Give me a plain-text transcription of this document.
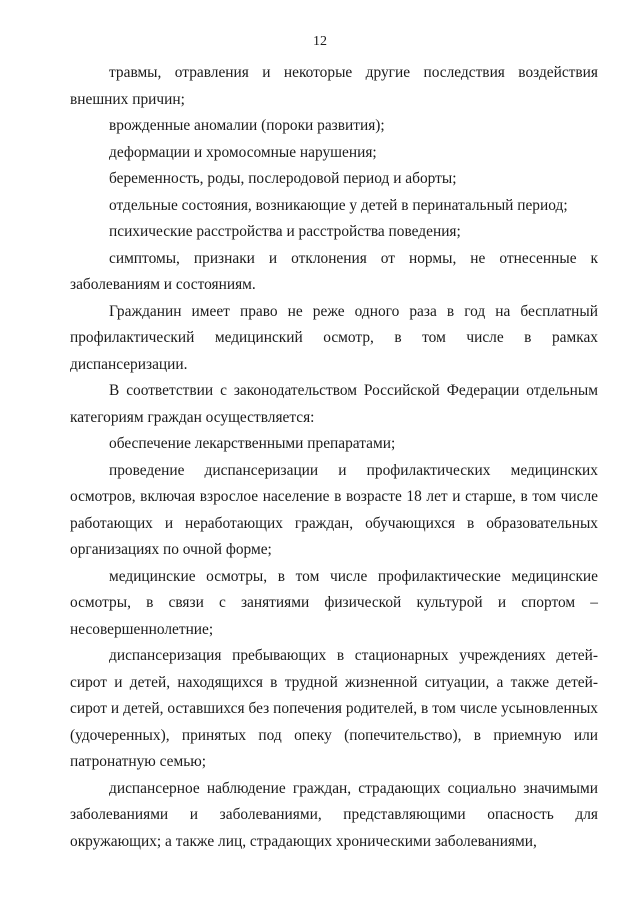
12

травмы, отравления и некоторые другие последствия воздействия внешних причин;

врожденные аномалии (пороки развития);

деформации и хромосомные нарушения;

беременность, роды, послеродовой период и аборты;

отдельные состояния, возникающие у детей в перинатальный период;

психические расстройства и расстройства поведения;

симптомы, признаки и отклонения от нормы, не отнесенные к заболеваниям и состояниям.

Гражданин имеет право не реже одного раза в год на бесплатный профилактический медицинский осмотр, в том числе в рамках диспансеризации.

В соответствии с законодательством Российской Федерации отдельным категориям граждан осуществляется:

обеспечение лекарственными препаратами;

проведение диспансеризации и профилактических медицинских осмотров, включая взрослое население в возрасте 18 лет и старше, в том числе работающих и неработающих граждан, обучающихся в образовательных организациях по очной форме;

медицинские осмотры, в том числе профилактические медицинские осмотры, в связи с занятиями физической культурой и спортом – несовершеннолетние;

диспансеризация пребывающих в стационарных учреждениях детей-сирот и детей, находящихся в трудной жизненной ситуации, а также детей-сирот и детей, оставшихся без попечения родителей, в том числе усыновленных (удочеренных), принятых под опеку (попечительство), в приемную или патронатную семью;

диспансерное наблюдение граждан, страдающих социально значимыми заболеваниями и заболеваниями, представляющими опасность для окружающих; а также лиц, страдающих хроническими заболеваниями,
